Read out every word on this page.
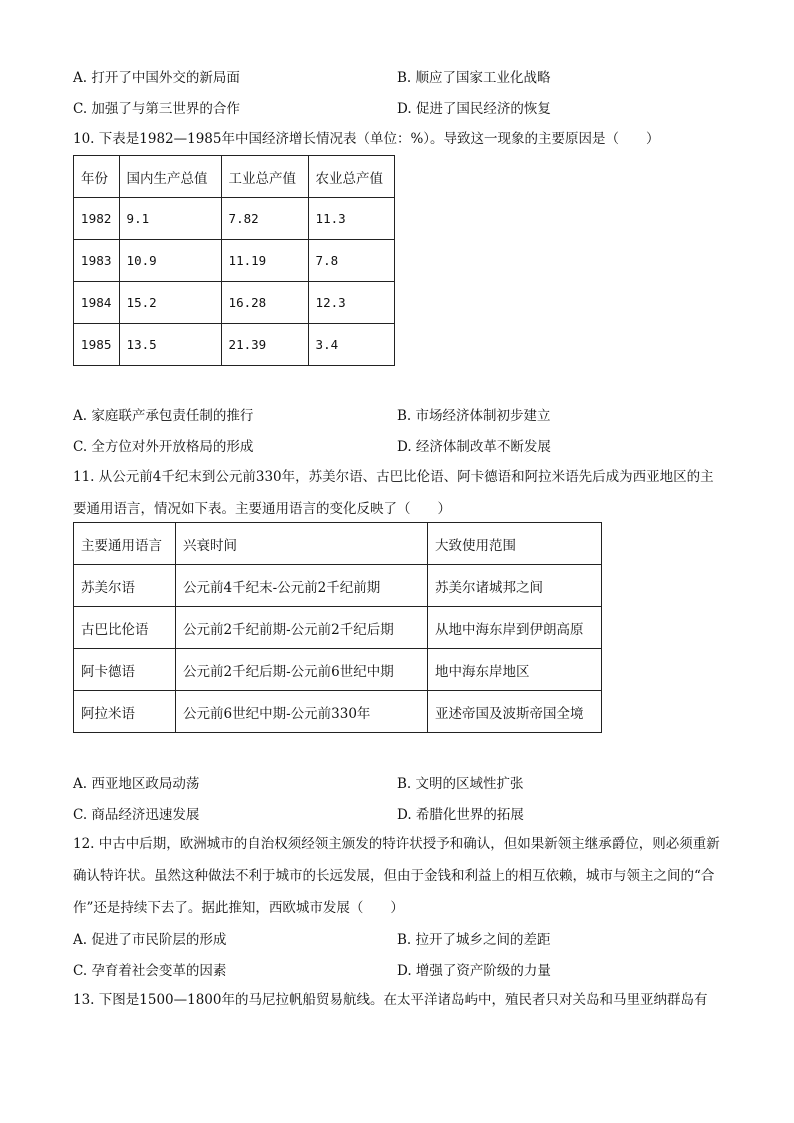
A. 打开了中国外交的新局面	B. 顺应了国家工业化战略
C. 加强了与第三世界的合作	D. 促进了国民经济的恢复
10. 下表是1982—1985年中国经济增长情况表（单位：%）。导致这一现象的主要原因是（　　）
年份	国内生产总值	工业总产值	农业总产值
1982	9.1	7.82	11.3
1983	10.9	11.19	7.8
1984	15.2	16.28	12.3
1985	13.5	21.39	3.4
A. 家庭联产承包责任制的推行	B. 市场经济体制初步建立
C. 全方位对外开放格局的形成	D. 经济体制改革不断发展
11. 从公元前4千纪末到公元前330年，苏美尔语、古巴比伦语、阿卡德语和阿拉米语先后成为西亚地区的主要通用语言，情况如下表。主要通用语言的变化反映了（　　）
主要通用语言	兴衰时间	大致使用范围
苏美尔语	公元前4千纪末-公元前2千纪前期	苏美尔诸城邦之间
古巴比伦语	公元前2千纪前期-公元前2千纪后期	从地中海东岸到伊朗高原
阿卡德语	公元前2千纪后期-公元前6世纪中期	地中海东岸地区
阿拉米语	公元前6世纪中期-公元前330年	亚述帝国及波斯帝国全境
A. 西亚地区政局动荡	B. 文明的区域性扩张
C. 商品经济迅速发展	D. 希腊化世界的拓展
12. 中古中后期，欧洲城市的自治权须经领主颁发的特许状授予和确认，但如果新领主继承爵位，则必须重新确认特许状。虽然这种做法不利于城市的长远发展，但由于金钱和利益上的相互依赖，城市与领主之间的“合作”还是持续下去了。据此推知，西欧城市发展（　　）
A. 促进了市民阶层的形成	B. 拉开了城乡之间的差距
C. 孕育着社会变革的因素	D. 增强了资产阶级的力量
13. 下图是1500—1800年的马尼拉帆船贸易航线。在太平洋诸岛屿中，殖民者只对关岛和马里亚纳群岛有
